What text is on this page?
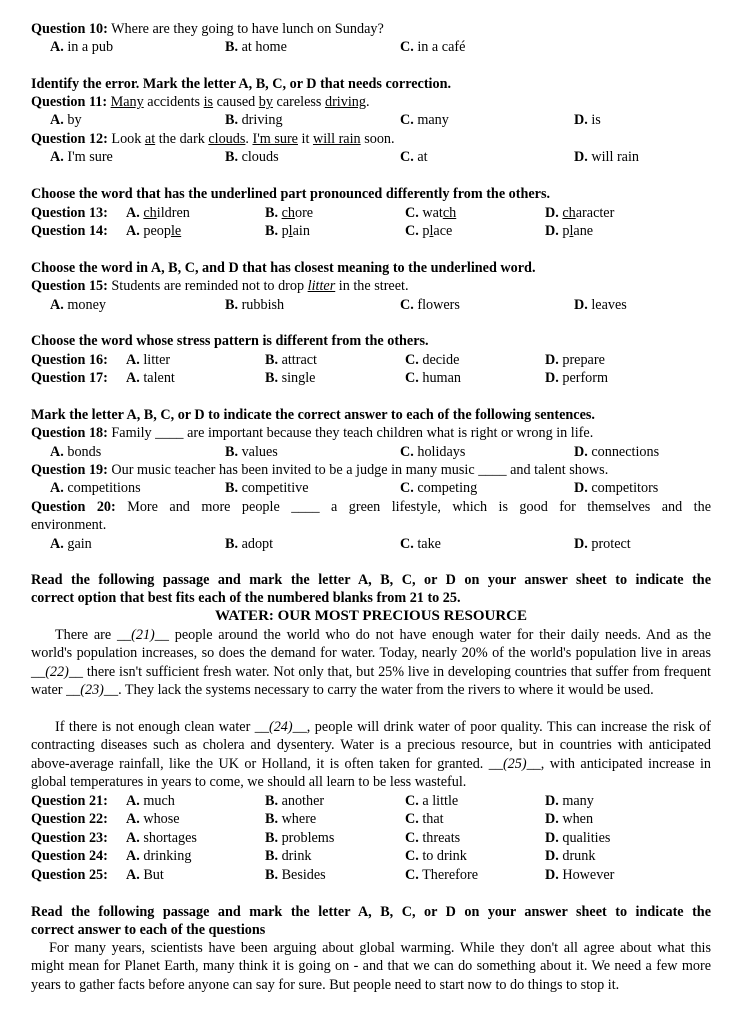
Question 10: Where are they going to have lunch on Sunday?
A. in a pub	B. at home	C. in a café
Identify the error. Mark the letter A, B, C, or D that needs correction.
Question 11: Many accidents is caused by careless driving.
A. by	B. driving	C. many	D. is
Question 12: Look at the dark clouds. I'm sure it will rain soon.
A. I'm sure	B. clouds	C. at	D. will rain
Choose the word that has the underlined part pronounced differently from the others.
Question 13: A. children	B. chore	C. watch	D. character
Question 14: A. people	B. plain	C. place	D. plane
Choose the word in A, B, C, and D that has closest meaning to the underlined word.
Question 15: Students are reminded not to drop litter in the street.
A. money	B. rubbish	C. flowers	D. leaves
Choose the word whose stress pattern is different from the others.
Question 16: A. litter	B. attract	C. decide	D. prepare
Question 17: A. talent	B. single	C. human	D. perform
Mark the letter A, B, C, or D to indicate the correct answer to each of the following sentences.
Question 18: Family ____ are important because they teach children what is right or wrong in life.
A. bonds	B. values	C. holidays	D. connections
Question 19: Our music teacher has been invited to be a judge in many music ____ and talent shows.
A. competitions	B. competitive	C. competing	D. competitors
Question 20: More and more people ____ a green lifestyle, which is good for themselves and the
environment.
A. gain	B. adopt	C. take	D. protect
Read the following passage and mark the letter A, B, C, or D on your answer sheet to indicate the
correct option that best fits each of the numbered blanks from 21 to 25.
WATER: OUR MOST PRECIOUS RESOURCE
There are __(21)__ people around the world who do not have enough water for their daily needs. And as the world's population increases, so does the demand for water. Today, nearly 20% of the world's population live in areas __(22)__ there isn't sufficient fresh water. Not only that, but 25% live in developing countries that suffer from frequent water __(23)__. They lack the systems necessary to carry the water from the rivers to where it would be used.
If there is not enough clean water __(24)__, people will drink water of poor quality. This can increase the risk of contracting diseases such as cholera and dysentery. Water is a precious resource, but in countries with anticipated above-average rainfall, like the UK or Holland, it is often taken for granted. __(25)__, with anticipated increase in global temperatures in years to come, we should all learn to be less wasteful.
Question 21: A. much	B. another	C. a little	D. many
Question 22: A. whose	B. where	C. that	D. when
Question 23: A. shortages	B. problems	C. threats	D. qualities
Question 24: A. drinking	B. drink	C. to drink	D. drunk
Question 25: A. But	B. Besides	C. Therefore	D. However
Read the following passage and mark the letter A, B, C, or D on your answer sheet to indicate the
correct answer to each of the questions
For many years, scientists have been arguing about global warming. While they don't all agree about what this might mean for Planet Earth, many think it is going on - and that we can do something about it. We need a few more years to gather facts before anyone can say for sure. But people need to start now to do things to stop it.
